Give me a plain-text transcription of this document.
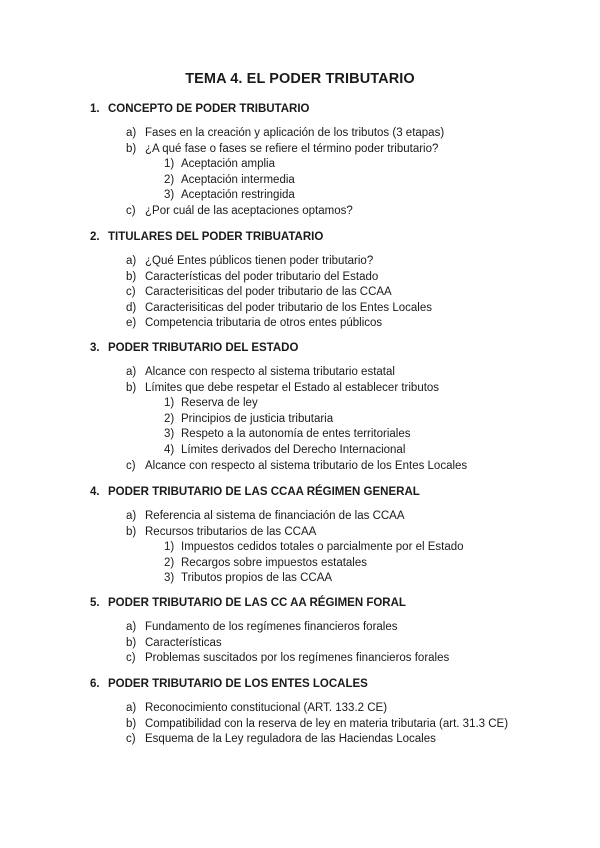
TEMA 4. EL PODER TRIBUTARIO
1. CONCEPTO DE PODER TRIBUTARIO
a) Fases en la creación y aplicación de los tributos (3 etapas)
b) ¿A qué fase o fases se refiere el término poder tributario?
1) Aceptación amplia
2) Aceptación intermedia
3) Aceptación restringida
c) ¿Por cuál de las aceptaciones optamos?
2. TITULARES DEL PODER TRIBUATARIO
a) ¿Qué Entes públicos tienen poder tributario?
b) Características del poder tributario del Estado
c) Caracterisiticas del poder tributario de las CCAA
d) Caracterisiticas del poder tributario de los Entes Locales
e) Competencia tributaria de otros entes públicos
3. PODER TRIBUTARIO DEL ESTADO
a) Alcance con respecto al sistema tributario estatal
b) Límites que debe respetar el Estado al establecer tributos
1) Reserva de ley
2) Principios de justicia tributaria
3) Respeto a la autonomía de entes territoriales
4) Límites derivados del Derecho Internacional
c) Alcance con respecto al sistema tributario de los Entes Locales
4. PODER TRIBUTARIO DE LAS CCAA RÉGIMEN GENERAL
a) Referencia al sistema de financiación de las CCAA
b) Recursos tributarios de las CCAA
1) Impuestos cedidos totales o parcialmente por el Estado
2) Recargos sobre impuestos estatales
3) Tributos propios de las CCAA
5. PODER TRIBUTARIO DE LAS CC AA RÉGIMEN FORAL
a) Fundamento de los regímenes financieros forales
b) Características
c) Problemas suscitados por los regímenes financieros forales
6. PODER TRIBUTARIO DE LOS ENTES LOCALES
a) Reconocimiento constitucional (ART. 133.2 CE)
b) Compatibilidad con la reserva de ley en materia tributaria (art. 31.3 CE)
c) Esquema de la Ley reguladora de las Haciendas Locales
